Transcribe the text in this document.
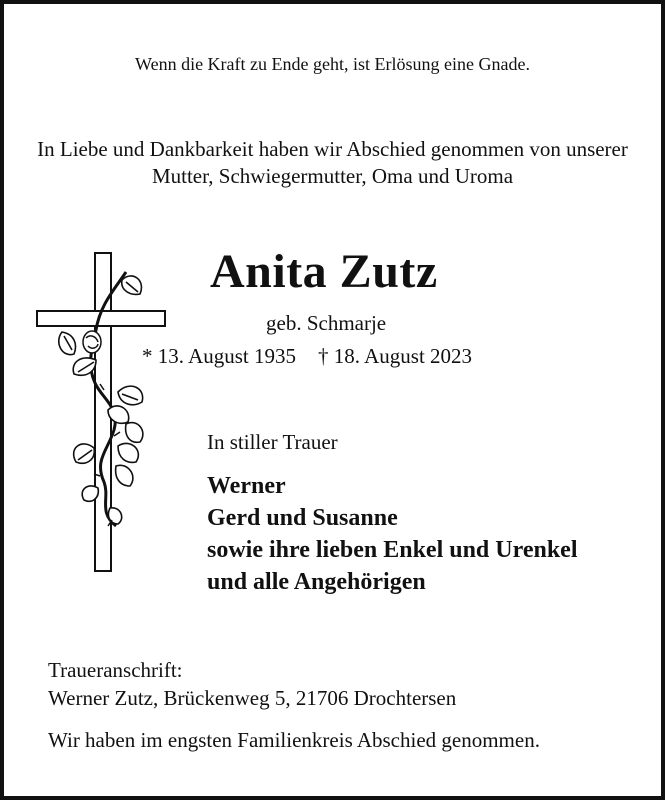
Wenn die Kraft zu Ende geht, ist Erlösung eine Gnade.

In Liebe und Dankbarkeit haben wir Abschied genommen von unserer Mutter, Schwiegermutter, Oma und Uroma

Anita Zutz

geb. Schmarje

* 13. August 1935 † 18. August 2023

In stiller Trauer

Werner
Gerd und Susanne
sowie ihre lieben Enkel und Urenkel
und alle Angehörigen
Traueranschrift:
Werner Zutz, Brückenweg 5, 21706 Drochtersen

Wir haben im engsten Familienkreis Abschied genommen.
